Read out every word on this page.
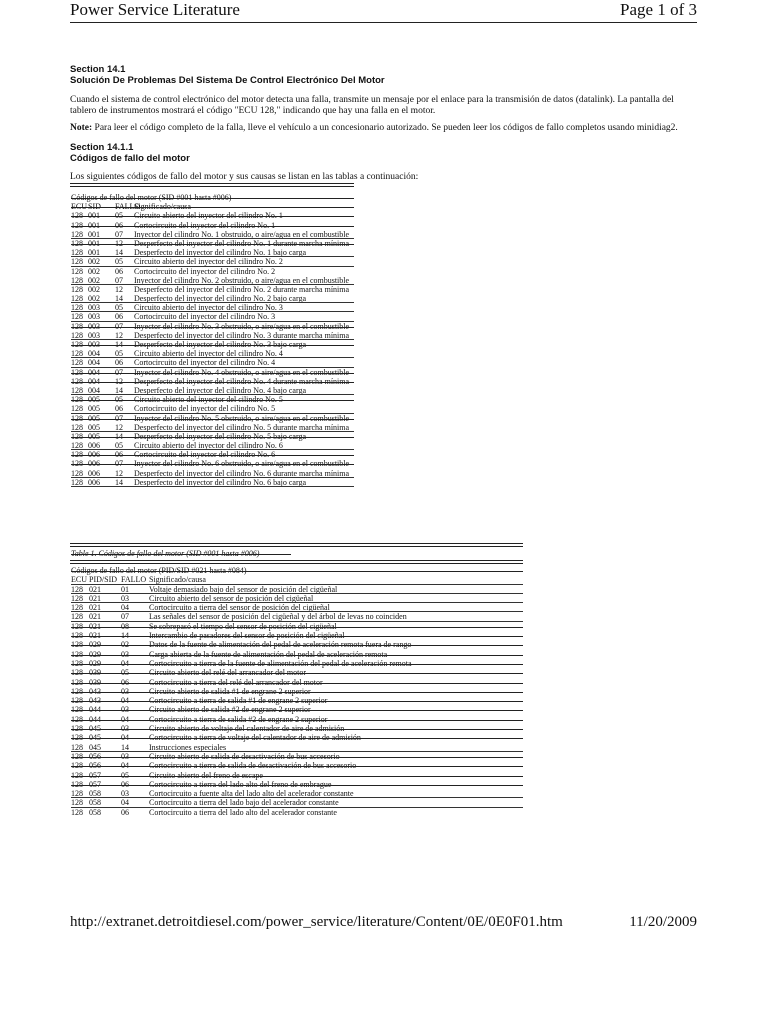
Power Service Literature	Page 1 of 3
Section 14.1
Solución De Problemas Del Sistema De Control Electrónico Del Motor
Cuando el sistema de control electrónico del motor detecta una falla, transmite un mensaje por el enlace para la transmisión de datos (datalink). La pantalla del tablero de instrumentos mostrará el código "ECU 128," indicando que hay una falla en el motor.
Note: Para leer el código completo de la falla, lleve el vehículo a un concesionario autorizado. Se pueden leer los códigos de fallo completos usando minidiag2.
Section 14.1.1
Códigos de fallo del motor
Los siguientes códigos de fallo del motor y sus causas se listan en las tablas a continuación:
Códigos de fallo del motor (SID #001 hasta #006)
ECU SID FALLO
Significado/causa
128 001 05 Circuito abierto del inyector del cilindro No. 1
128 001 06 Cortocircuito del inyector del cilindro No. 1
128 001 07 Inyector del cilindro No. 1 obstruido, o aire/agua en el combustible
128 001 12 Desperfecto del inyector del cilindro No. 1 durante marcha mínima
128 001 14 Desperfecto del inyector del cilindro No. 1 bajo carga
128 002 05 Circuito abierto del inyector del cilindro No. 2
128 002 06 Cortocircuito del inyector del cilindro No. 2
128 002 07 Inyector del cilindro No. 2 obstruido, o aire/agua en el combustible
128 002 12 Desperfecto del inyector del cilindro No. 2 durante marcha mínima
128 002 14 Desperfecto del inyector del cilindro No. 2 bajo carga
128 003 05 Circuito abierto del inyector del cilindro No. 3
128 003 06 Cortocircuito del inyector del cilindro No. 3
128 003 07 Inyector del cilindro No. 3 obstruido, o aire/agua en el combustible
128 003 12 Desperfecto del inyector del cilindro No. 3 durante marcha mínima
128 003 14 Desperfecto del inyector del cilindro No. 3 bajo carga
128 004 05 Circuito abierto del inyector del cilindro No. 4
128 004 06 Cortocircuito del inyector del cilindro No. 4
128 004 07 Inyector del cilindro No. 4 obstruido, o aire/agua en el combustible
128 004 12 Desperfecto del inyector del cilindro No. 4 durante marcha mínima
128 004 14 Desperfecto del inyector del cilindro No. 4 bajo carga
128 005 05 Circuito abierto del inyector del cilindro No. 5
128 005 06 Cortocircuito del inyector del cilindro No. 5
128 005 07 Inyector del cilindro No. 5 obstruido, o aire/agua en el combustible
128 005 12 Desperfecto del inyector del cilindro No. 5 durante marcha mínima
128 005 14 Desperfecto del inyector del cilindro No. 5 bajo carga
128 006 05 Circuito abierto del inyector del cilindro No. 6
128 006 06 Cortocircuito del inyector del cilindro No. 6
128 006 07 Inyector del cilindro No. 6 obstruido, o aire/agua en el combustible
128 006 12 Desperfecto del inyector del cilindro No. 6 durante marcha mínima
128 006 14 Desperfecto del inyector del cilindro No. 6 bajo carga
Table 1. Códigos de fallo del motor (SID #001 hasta #006)
Códigos de fallo del motor (PID/SID #021 hasta #084)
ECU PID/SID FALLO Significado/causa
128 021	01	Voltaje demasiado bajo del sensor de posición del cigüeñal
128 021	03	Circuito abierto del sensor de posición del cigüeñal
128 021	04	Cortocircuito a tierra del sensor de posición del cigüeñal
128 021	07	Las señales del sensor de posición del cigüeñal y del árbol de levas no coinciden
128 021	08	Se sobrepasó el tiempo del sensor de posición del cigüeñal
128 021	14	Intercambio de pasadores del sensor de posición del cigüeñal
128 029	02	Datos de la fuente de alimentación del pedal de aceleración remota fuera de rango
128 029	03	Carga abierta de la fuente de alimentación del pedal de aceleración remota
128 029	04	Cortocircuito a tierra de la fuente de alimentación del pedal de aceleración remota
128 039	05	Circuito abierto del relé del arrancador del motor
128 039	06	Cortocircuito a tierra del relé del arrancador del motor
128 043	03	Circuito abierto de salida #1 de engrane 2 superior
128 043	04	Cortocircuito a tierra de salida #1 de engrane 2 superior
128 044	03	Circuito abierto de salida #2 de engrane 2 superior
128 044	04	Cortocircuito a tierra de salida #2 de engrane 2 superior
128 045	03	Circuito abierto de voltaje del calentador de aire de admisión
128 045	04	Cortocircuito a tierra de voltaje del calentador de aire de admisión
128 045	14	Instrucciones especiales
128 056	03	Circuito abierto de salida de desactivación de bus accesorio
128 056	04	Cortocircuito a tierra de salida de desactivación de bus accesorio
128 057	05	Circuito abierto del freno de escape
128 057	06	Cortocircuito a tierra del lado alto del freno de embrague
128 058	03	Cortocircuito a fuente alta del lado alto del acelerador constante
128 058	04	Cortocircuito a tierra del lado bajo del acelerador constante
128 058	06	Cortocircuito a tierra del lado alto del acelerador constante
http://extranet.detroitdiesel.com/power_service/literature/Content/0E/0E0F01.htm	11/20/2009
